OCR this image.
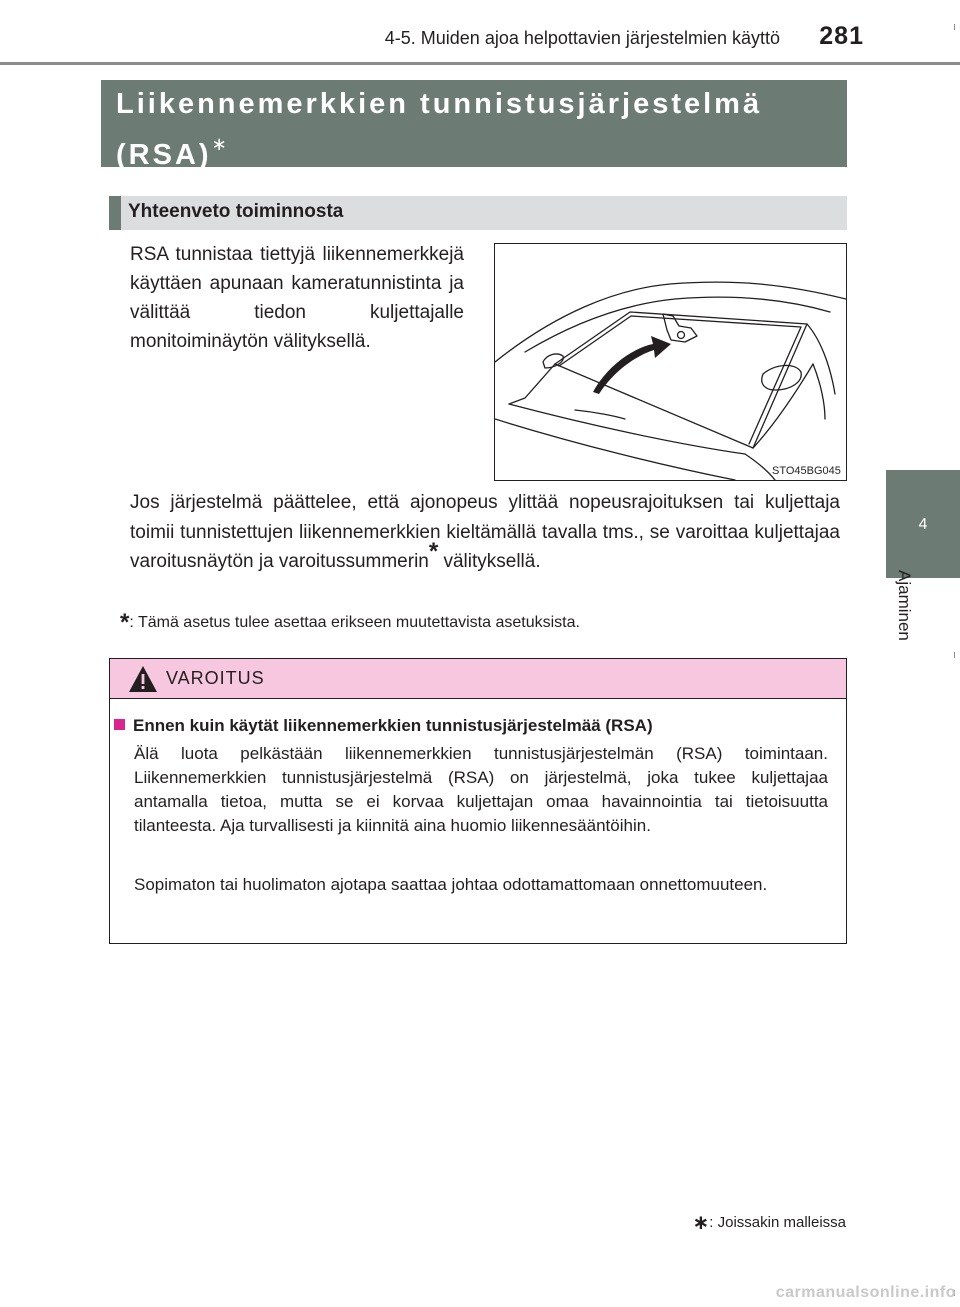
4-5. Muiden ajoa helpottavien järjestelmien käyttö	281
4
Ajaminen
Liikennemerkkien tunnistusjärjestelmä
(RSA)∗
Yhteenveto toiminnosta
RSA tunnistaa tiettyjä liikennemerkkejä käyttäen apunaan kameratunnistinta ja välittää tiedon kuljettajalle monitoiminäytön välityksellä.
STO45BG045
Jos järjestelmä päättelee, että ajonopeus ylittää nopeusrajoituksen tai kuljettaja toimii tunnistettujen liikennemerkkien kieltämällä tavalla tms., se varoittaa kuljettajaa varoitusnäytön ja varoitussummerin* välityksellä.
*: Tämä asetus tulee asettaa erikseen muutettavista asetuksista.
VAROITUS
Ennen kuin käytät liikennemerkkien tunnistusjärjestelmää (RSA)
Älä luota pelkästään liikennemerkkien tunnistusjärjestelmän (RSA) toimintaan. Liikennemerkkien tunnistusjärjestelmä (RSA) on järjestelmä, joka tukee kuljettajaa antamalla tietoa, mutta se ei korvaa kuljettajan omaa havainnointia tai tietoisuutta tilanteesta. Aja turvallisesti ja kiinnitä aina huomio liikennesääntöihin.
Sopimaton tai huolimaton ajotapa saattaa johtaa odottamattomaan onnettomuuteen.
∗: Joissakin malleissa
carmanualsonline.info
